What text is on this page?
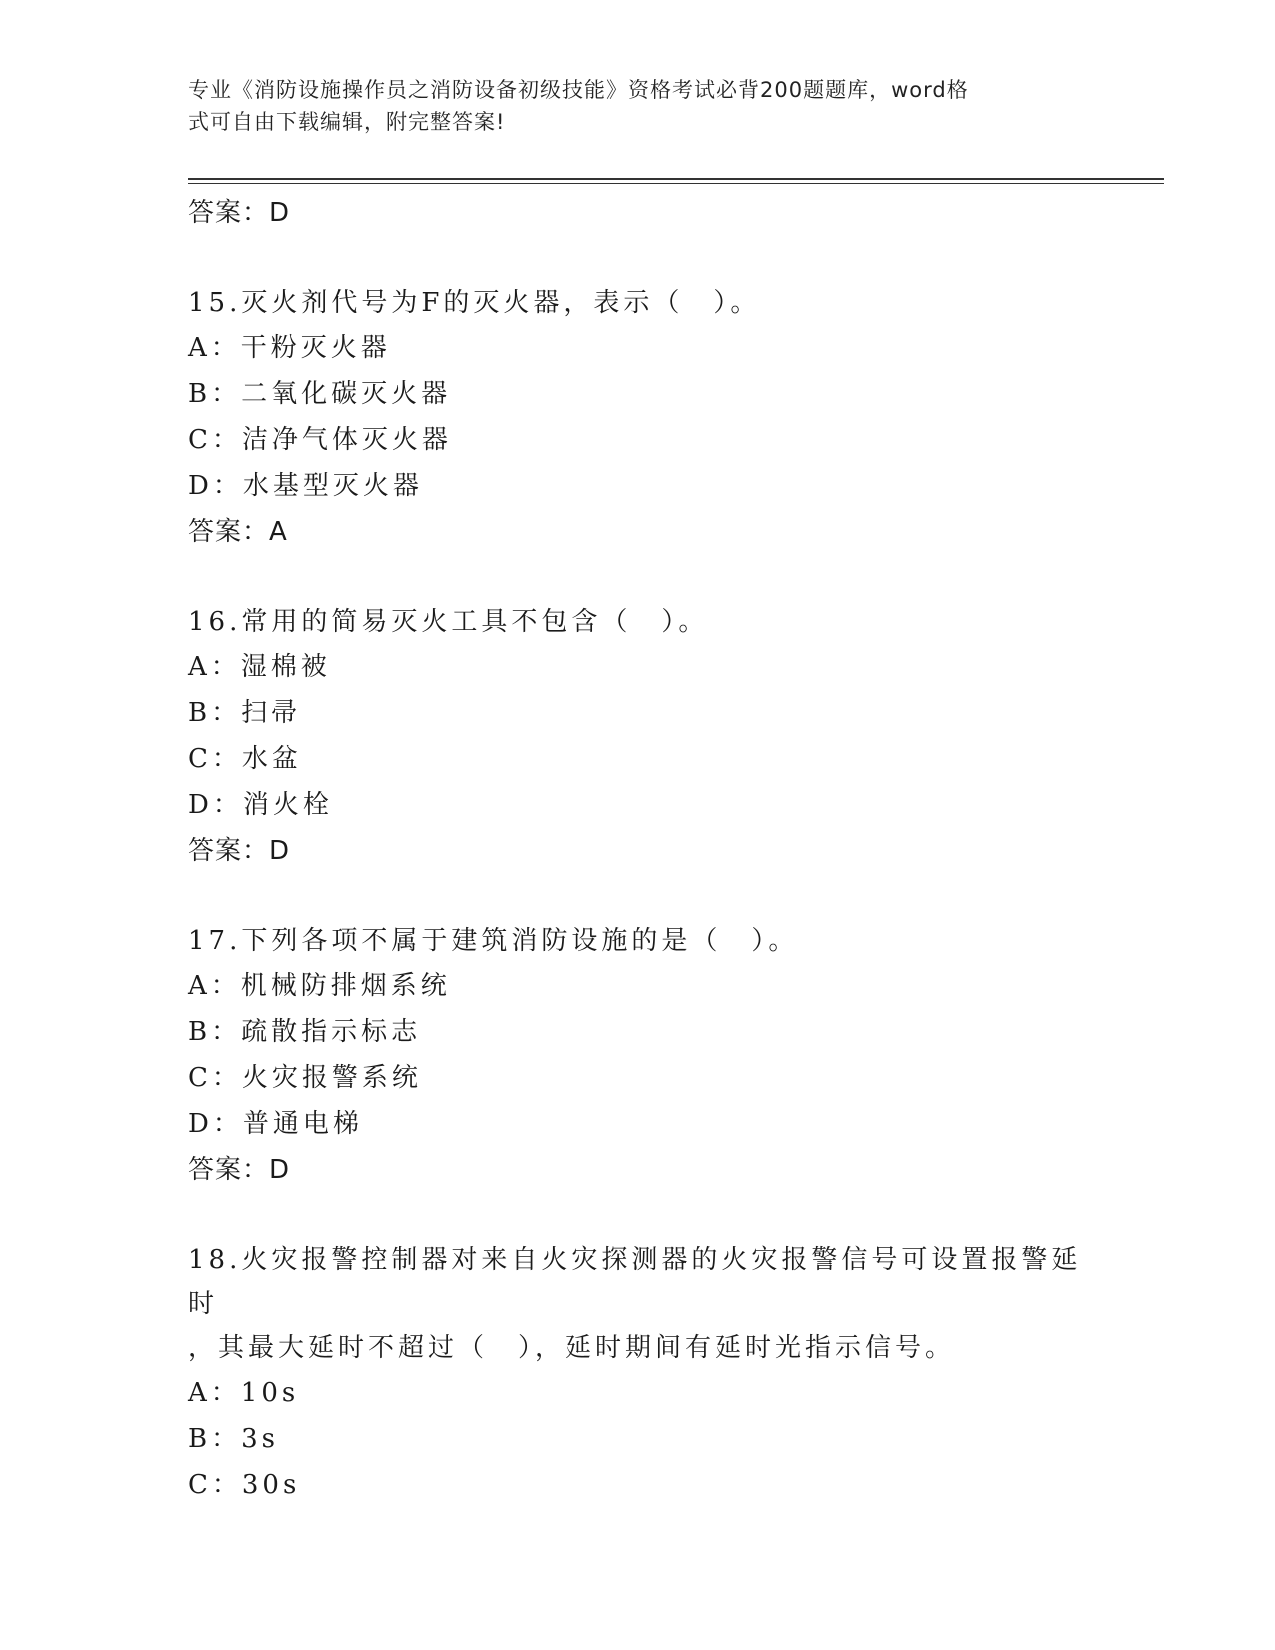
专业《消防设施操作员之消防设备初级技能》资格考试必背200题题库，word格
式可自由下载编辑，附完整答案!
答案：D
15.灭火剂代号为F的灭火器，表示（　）。
A：干粉灭火器
B：二氧化碳灭火器
C：洁净气体灭火器
D：水基型灭火器
答案：A
16.常用的简易灭火工具不包含（　）。
A：湿棉被
B：扫帚
C：水盆
D：消火栓
答案：D
17.下列各项不属于建筑消防设施的是（　）。
A：机械防排烟系统
B：疏散指示标志
C：火灾报警系统
D：普通电梯
答案：D
18.火灾报警控制器对来自火灾探测器的火灾报警信号可设置报警延时
，其最大延时不超过（　），延时期间有延时光指示信号。
A：10s
B：3s
C：30s
